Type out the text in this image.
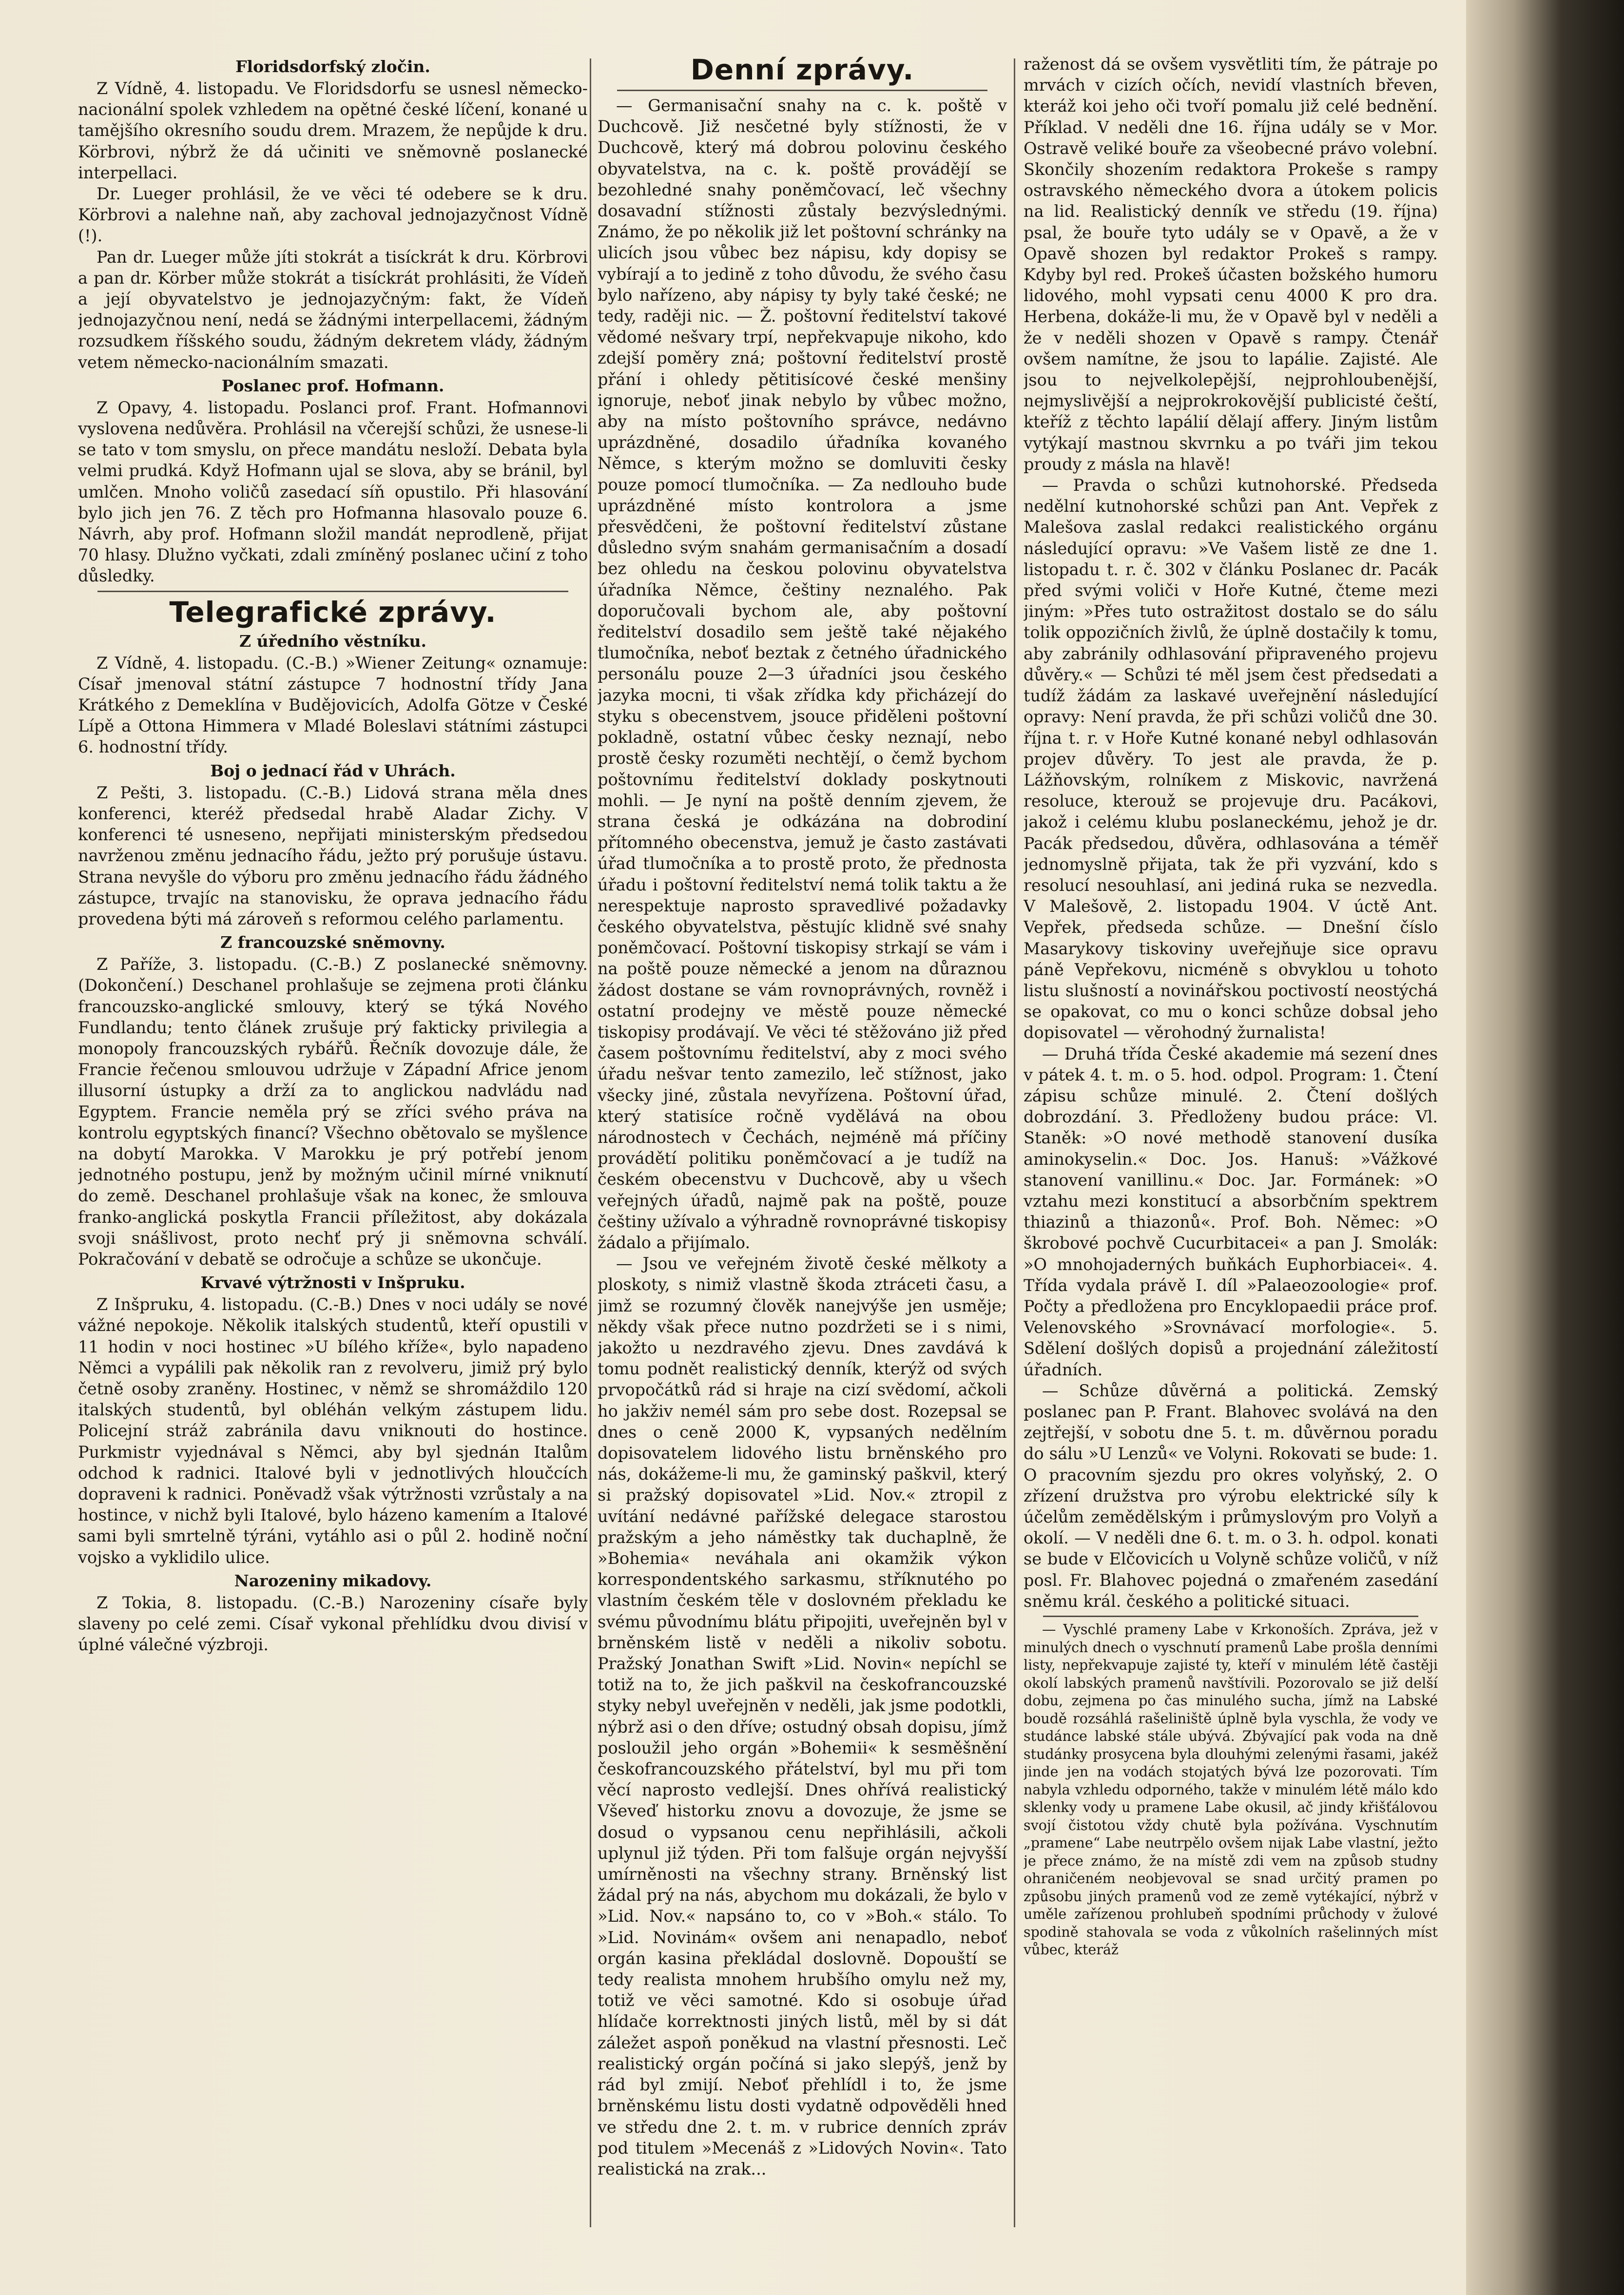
Floridsdorfský zločin.

Z Vídně, 4. listopadu. Ve Floridsdorfu se usnesl německo-nacionální spolek vzhledem na opětné české líčení, konané u tamějšího okresního soudu drem. Mrazem, že nepůjde k dru. Körbrovi, nýbrž že dá učiniti ve sněmovně poslanecké interpellaci.

Dr. Lueger prohlásil, že ve věci té odebere se k dru. Körbrovi a nalehne naň, aby zachoval jednojazyčnost Vídně (!).

Pan dr. Lueger může jíti stokrát a tisíckrát k dru. Körbrovi a pan dr. Körber může stokrát a tisíckrát prohlásiti, že Vídeň a její obyvatelstvo je jednojazyčným: fakt, že Vídeň jednojazyčnou není, nedá se žádnými interpellacemi, žádným rozsudkem říšského soudu, žádným dekretem vlády, žádným vetem německo-nacionálním smazati.

Poslanec prof. Hofmann.

Z Opavy, 4. listopadu. Poslanci prof. Frant. Hofmannovi vyslovena nedůvěra. Prohlásil na včerejší schůzi, že usnese-li se tato v tom smyslu, on přece mandátu nesloží. Debata byla velmi prudká. Když Hofmann ujal se slova, aby se bránil, byl umlčen. Mnoho voličů zasedací síň opustilo. Při hlasování bylo jich jen 76. Z těch pro Hofmanna hlasovalo pouze 6. Návrh, aby prof. Hofmann složil mandát neprodleně, přijat 70 hlasy. Dlužno vyčkati, zdali zmíněný poslanec učiní z toho důsledky.

Telegrafické zprávy.
Z úředního věstníku.

Z Vídně, 4. listopadu. (C.-B.) »Wiener Zeitung« oznamuje: Císař jmenoval státní zástupce 7 hodnostní třídy Jana Krátkého z Demeklína v Budějovicích, Adolfa Götze v České Lípě a Ottona Himmera v Mladé Boleslavi státními zástupci 6. hodnostní třídy.

Boj o jednací řád v Uhrách.

Z Pešti, 3. listopadu. (C.-B.) Lidová strana měla dnes konferenci, kteréž předsedal hrabě Aladar Zichy. V konferenci té usneseno, nepřijati ministerským předsedou navrženou změnu jednacího řádu, ježto prý porušuje ústavu. Strana nevyšle do výboru pro změnu jednacího řádu žádného zástupce, trvajíc na stanovisku, že oprava jednacího řádu provedena býti má zároveň s reformou celého parlamentu.

Z francouzské sněmovny.

Z Paříže, 3. listopadu. (C.-B.) Z poslanecké sněmovny. (Dokončení.) Deschanel prohlašuje se zejmena proti článku francouzsko-anglické smlouvy, který se týká Nového Fundlandu; tento článek zrušuje prý fakticky privilegia a monopoly francouzských rybářů. Řečník dovozuje dále, že Francie řečenou smlouvou udržuje v Západní Africe jenom illusorní ústupky a drží za to anglickou nadvládu nad Egyptem. Francie neměla prý se zříci svého práva na kontrolu egyptských financí? Všechno obětovalo se myšlence na dobytí Marokka. V Marokku je prý potřebí jenom jednotného postupu, jenž by možným učinil mírné vniknutí do země. Deschanel prohlašuje však na konec, že smlouva franko-anglická poskytla Francii příležitost, aby dokázala svoji snášlivost, proto nechť prý ji sněmovna schválí. Pokračování v debatě se odročuje a schůze se ukončuje.

Krvavé výtržnosti v Inšpruku.

Z Inšpruku, 4. listopadu. (C.-B.) Dnes v noci udály se nové vážné nepokoje. Několik italských studentů, kteří opustili v 11 hodin v noci hostinec »U bílého kříže«, bylo napadeno Němci a vypálili pak několik ran z revolveru, jimiž prý bylo četně osoby zraněny. Hostinec, v němž se shromáždilo 120 italských studentů, byl obléhán velkým zástupem lidu. Policejní stráž zabránila davu vniknouti do hostince. Purkmistr vyjednával s Němci, aby byl sjednán Italům odchod k radnici. Italové byli v jednotlivých hloučcích dopraveni k radnici. Poněvadž však výtržnosti vzrůstaly a na hostince, v nichž byli Italové, bylo házeno kamením a Italové sami byli smrtelně týráni, vytáhlo asi o půl 2. hodině noční vojsko a vyklidilo ulice.

Narozeniny mikadovy.

Z Tokia, 8. listopadu. (C.-B.) Narozeniny císaře byly slaveny po celé zemi. Císař vykonal přehlídku dvou divisí v úplné válečné výzbroji.

Denní zprávy.

— Germanisační snahy na c. k. poště v Duchcově. Již nesčetné byly stížnosti, že v Duchcově, který má dobrou polovinu českého obyvatelstva, na c. k. poště provádějí se bezohledné snahy poněmčovací, leč všechny dosavadní stížnosti zůstaly bezvýslednými. Známo, že po několik již let poštovní schránky na ulicích jsou vůbec bez nápisu, kdy dopisy se vybírají a to jedině z toho důvodu, že svého času bylo nařízeno, aby nápisy ty byly také české; ne tedy, raději nic. — Ž. poštovní ředitelství takové vědomé nešvary trpí, nepřekvapuje nikoho, kdo zdejší poměry zná; poštovní ředitelství prostě přání i ohledy pětitisícové české menšiny ignoruje, neboť jinak nebylo by vůbec možno, aby na místo poštovního správce, nedávno uprázdněné, dosadilo úřadníka kovaného Němce, s kterým možno se domluviti česky pouze pomocí tlumočníka. — Za nedlouho bude uprázdněné místo kontrolora a jsme přesvědčeni, že poštovní ředitelství zůstane důsledno svým snahám germanisačním a dosadí bez ohledu na českou polovinu obyvatelstva úřadníka Němce, češtiny neznalého. Pak doporučovali bychom ale, aby poštovní ředitelství dosadilo sem ještě také nějakého tlumočníka, neboť beztak z četného úřadnického personálu pouze 2—3 úřadníci jsou českého jazyka mocni, ti však zřídka kdy přicházejí do styku s obecenstvem, jsouce přiděleni poštovní pokladně, ostatní vůbec česky neznají, nebo prostě česky rozuměti nechtějí, o čemž bychom poštovnímu ředitelství doklady poskytnouti mohli. — Je nyní na poště denním zjevem, že strana česká je odkázána na dobrodiní přítomného obecenstva, jemuž je často zastávati úřad tlumočníka a to prostě proto, že přednosta úřadu i poštovní ředitelství nemá tolik taktu a že nerespektuje naprosto spravedlivé požadavky českého obyvatelstva, pěstujíc klidně své snahy poněmčovací. Poštovní tiskopisy strkají se vám i na poště pouze německé a jenom na důraznou žádost dostane se vám rovnoprávných, rovněž i ostatní prodejny ve městě pouze německé tiskopisy prodávají. Ve věci té stěžováno již před časem poštovnímu ředitelství, aby z moci svého úřadu nešvar tento zamezilo, leč stížnost, jako všecky jiné, zůstala nevyřízena. Poštovní úřad, který statisíce ročně vydělává na obou národnostech v Čechách, nejméně má příčiny provádětí politiku poněmčovací a je tudíž na českém obecenstvu v Duchcově, aby u všech veřejných úřadů, najmě pak na poště, pouze češtiny užívalo a výhradně rovnoprávné tiskopisy žádalo a přijímalo.

— Jsou ve veřejném životě české mělkoty a ploskoty, s nimiž vlastně škoda ztráceti času, a jimž se rozumný člověk nanejvýše jen usměje; někdy však přece nutno pozdržeti se i s nimi, jakožto u nezdravého zjevu. Dnes zavdává k tomu podnět realistický denník, kterýž od svých prvopočátků rád si hraje na cizí svědomí, ačkoli ho jakživ nemél sám pro sebe dost. Rozepsal se dnes o ceně 2000 K, vypsaných nedělním dopisovatelem lidového listu brněnského pro nás, dokážeme-li mu, že gaminský paškvil, který si pražský dopisovatel »Lid. Nov.« ztropil z uvítání nedávné pařížské delegace starostou pražským a jeho náměstky tak duchaplně, že »Bohemia« neváhala ani okamžik výkon korrespondentského sarkasmu, stříknutého po vlastním českém těle v doslovném překladu ke svému původnímu blátu připojiti, uveřejněn byl v brněnském listě v neděli a nikoliv sobotu. Pražský Jonathan Swift »Lid. Novin« nepíchl se totiž na to, že jich paškvil na českofrancouzské styky nebyl uveřejněn v neděli, jak jsme podotkli, nýbrž asi o den dříve; ostudný obsah dopisu, jímž posloužil jeho orgán »Bohemii« k sesměšnění českofrancouzského přátelství, byl mu při tom věcí naprosto vedlejší. Dnes ohřívá realistický Vševeď historku znovu a dovozuje, že jsme se dosud o vypsanou cenu nepřihlásili, ačkoli uplynul již týden. Při tom falšuje orgán nejvyšší umírněnosti na všechny strany. Brněnský list žádal prý na nás, abychom mu dokázali, že bylo v »Lid. Nov.« napsáno to, co v »Boh.« stálo. To »Lid. Novinám« ovšem ani nenapadlo, neboť orgán kasina překládal doslovně. Dopouští se tedy realista mnohem hrubšího omylu než my, totiž ve věci samotné. Kdo si osobuje úřad hlídače korrektnosti jiných listů, měl by si dát záležet aspoň poněkud na vlastní přesnosti. Leč realistický orgán počíná si jako slepýš, jenž by rád byl zmijí. Neboť přehlídl i to, že jsme brněnskému listu dosti vydatně odpověděli hned ve středu dne 2. t. m. v rubrice denních zpráv pod titulem »Mecenáš z »Lidových Novin«. Tato realistická na zrak...

raženost dá se ovšem vysvětliti tím, že pátraje po mrvách v cizích očích, nevidí vlastních břeven, kteráž koi jeho oči tvoří pomalu již celé bednění. Příklad. V neděli dne 16. října udály se v Mor. Ostravě veliké bouře za všeobecné právo volební. Skončily shozením redaktora Prokeše s rampy ostravského německého dvora a útokem policis na lid. Realistický denník ve středu (19. října) psal, že bouře tyto udály se v Opavě, a že v Opavě shozen byl redaktor Prokeš s rampy. Kdyby byl red. Prokeš účasten božského humoru lidového, mohl vypsati cenu 4000 K pro dra. Herbena, dokáže-li mu, že v Opavě byl v neděli a že v neděli shozen v Opavě s rampy. Čtenář ovšem namítne, že jsou to lapálie. Zajisté. Ale jsou to nejvelkolepější, nejprohloubenější, nejmyslivější a nejprokrokovější publicisté čeští, kteříž z těchto lapálií dělají affery. Jiným listům vytýkají mastnou skvrnku a po tváři jim tekou proudy z másla na hlavě!

— Pravda o schůzi kutnohorské. Předseda nedělní kutnohorské schůzi pan Ant. Vepřek z Malešova zaslal redakci realistického orgánu následující opravu: »Ve Vašem listě ze dne 1. listopadu t. r. č. 302 v článku Poslanec dr. Pacák před svými voliči v Hoře Kutné, čteme mezi jiným: »Přes tuto ostražitost dostalo se do sálu tolik oppozičních živlů, že úplně dostačily k tomu, aby zabránily odhlasování připraveného projevu důvěry.« — Schůzi té měl jsem čest předsedati a tudíž žádám za laskavé uveřejnění následující opravy: Není pravda, že při schůzi voličů dne 30. října t. r. v Hoře Kutné konané nebyl odhlasován projev důvěry. To jest ale pravda, že p. Lážňovským, rolníkem z Miskovic, navržená resoluce, kterouž se projevuje dru. Pacákovi, jakož i celému klubu poslaneckému, jehož je dr. Pacák předsedou, důvěra, odhlasována a téměř jednomyslně přijata, tak že při vyzvání, kdo s resolucí nesouhlasí, ani jediná ruka se nezvedla. V Malešově, 2. listopadu 1904. V úctě Ant. Vepřek, předseda schůze. — Dnešní číslo Masarykovy tiskoviny uveřejňuje sice opravu páně Vepřekovu, nicméně s obvyklou u tohoto listu slušností a novinářskou poctivostí neostýchá se opakovat, co mu o konci schůze dobsal jeho dopisovatel — věrohodný žurnalista!

— Druhá třída České akademie má sezení dnes v pátek 4. t. m. o 5. hod. odpol. Program: 1. Čtení zápisu schůze minulé. 2. Čtení došlých dobrozdání. 3. Předloženy budou práce: Vl. Staněk: »O nové methodě stanovení dusíka aminokyselin.« Doc. Jos. Hanuš: »Vážkové stanovení vanillinu.« Doc. Jar. Formánek: »O vztahu mezi konstitucí a absorbčním spektrem thiazinů a thiazonů«. Prof. Boh. Němec: »O škrobové pochvě Cucurbitacei« a pan J. Smolák: »O mnohojaderných buňkách Euphorbiacei«. 4. Třída vydala právě I. díl »Palaeozoologie« prof. Počty a předložena pro Encyklopaedii práce prof. Velenovského »Srovnávací morfologie«. 5. Sdělení došlých dopisů a projednání záležitostí úřadních.

— Schůze důvěrná a politická. Zemský poslanec pan P. Frant. Blahovec svolává na den zejtřejší, v sobotu dne 5. t. m. důvěrnou poradu do sálu »U Lenzů« ve Volyni. Rokovati se bude: 1. O pracovním sjezdu pro okres volyňský, 2. O zřízení družstva pro výrobu elektrické síly k účelům zemědělským i průmyslovým pro Volyň a okolí. — V neděli dne 6. t. m. o 3. h. odpol. konati se bude v Elčovicích u Volyně schůze voličů, v níž posl. Fr. Blahovec pojedná o zmařeném zasedání sněmu král. českého a politické situaci.

— Vyschlé prameny Labe v Krkonoších. Zpráva, jež v minulých dnech o vyschnutí pramenů Labe prošla denními listy, nepřekvapuje zajisté ty, kteří v minulém létě častěji okolí labských pramenů navštívili. Pozorovalo se již delší dobu, zejmena po čas minulého sucha, jímž na Labské boudě rozsáhlá rašeliniště úplně byla vyschla, že vody ve studánce labské stále ubývá. Zbývající pak voda na dně studánky prosycena byla dlouhými zelenými řasami, jakéž jinde jen na vodách stojatých bývá lze pozorovati. Tím nabyla vzhledu odporného, takže v minulém létě málo kdo sklenky vody u pramene Labe okusil, ač jindy křišťálovou svojí čistotou vždy chutě byla požívána. Vyschnutím „pramene“ Labe neutrpělo ovšem nijak Labe vlastní, ježto je přece známo, že na místě zdi vem na způsob studny ohraničeném neobjevoval se snad určitý pramen po způsobu jiných pramenů vod ze země vytékající, nýbrž v uměle zařízenou prohlubeň spodními průchody v žulové spodině stahovala se voda z vůkolních rašelinných míst vůbec, kteráž
